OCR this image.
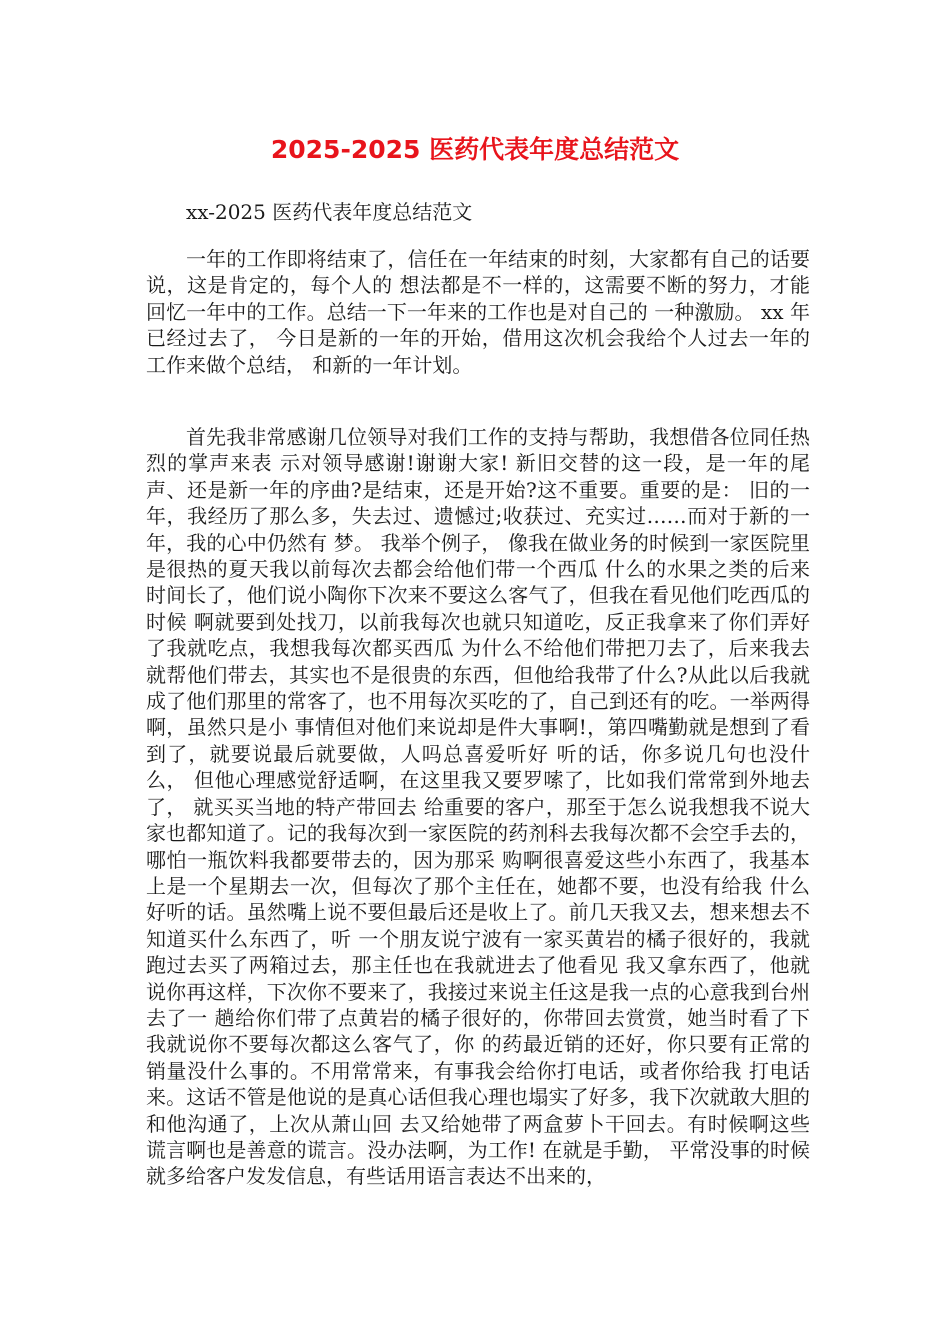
2025-2025 医药代表年度总结范文

xx-2025 医药代表年度总结范文

一年的工作即将结束了，信任在一年结束的时刻，大家都有自己的话要说，这是肯定的，每个人的 想法都是不一样的，这需要不断的努力，才能回忆一年中的工作。总结一下一年来的工作也是对自己的 一种激励。 xx 年已经过去了， 今日是新的一年的开始，借用这次机会我给个人过去一年的工作来做个总结， 和新的一年计划。

首先我非常感谢几位领导对我们工作的支持与帮助，我想借各位同任热烈的掌声来表 示对领导感谢!谢谢大家! 新旧交替的这一段，是一年的尾声、还是新一年的序曲?是结束，还是开始?这不重要。重要的是： 旧的一年，我经历了那么多，失去过、遗憾过;收获过、充实过……而对于新的一年，我的心中仍然有 梦。 我举个例子， 像我在做业务的时候到一家医院里是很热的夏天我以前每次去都会给他们带一个西瓜 什么的水果之类的后来时间长了，他们说小陶你下次来不要这么客气了，但我在看见他们吃西瓜的时候 啊就要到处找刀，以前我每次也就只知道吃，反正我拿来了你们弄好了我就吃点，我想我每次都买西瓜 为什么不给他们带把刀去了，后来我去就帮他们带去，其实也不是很贵的东西，但他给我带了什么?从此以后我就成了他们那里的常客了，也不用每次买吃的了，自己到还有的吃。一举两得啊，虽然只是小 事情但对他们来说却是件大事啊!，第四嘴勤就是想到了看到了，就要说最后就要做，人吗总喜爱听好 听的话，你多说几句也没什么， 但他心理感觉舒适啊，在这里我又要罗嗦了，比如我们常常到外地去了， 就买买当地的特产带回去 给重要的客户，那至于怎么说我想我不说大家也都知道了。记的我每次到一家医院的药剂科去我每次都不会空手去的，哪怕一瓶饮料我都要带去的，因为那采 购啊很喜爱这些小东西了，我基本上是一个星期去一次，但每次了那个主任在，她都不要，也没有给我 什么好听的话。虽然嘴上说不要但最后还是收上了。前几天我又去，想来想去不知道买什么东西了，听 一个朋友说宁波有一家买黄岩的橘子很好的，我就跑过去买了两箱过去，那主任也在我就进去了他看见 我又拿东西了，他就说你再这样，下次你不要来了，我接过来说主任这是我一点的心意我到台州去了一 趟给你们带了点黄岩的橘子很好的，你带回去赏赏，她当时看了下我就说你不要每次都这么客气了，你 的药最近销的还好，你只要有正常的销量没什么事的。不用常常来，有事我会给你打电话，或者你给我 打电话来。这话不管是他说的是真心话但我心理也塌实了好多，我下次就敢大胆的和他沟通了，上次从萧山回 去又给她带了两盒萝卜干回去。有时候啊这些谎言啊也是善意的谎言。没办法啊，为工作! 在就是手勤， 平常没事的时候就多给客户发发信息，有些话用语言表达不出来的，
